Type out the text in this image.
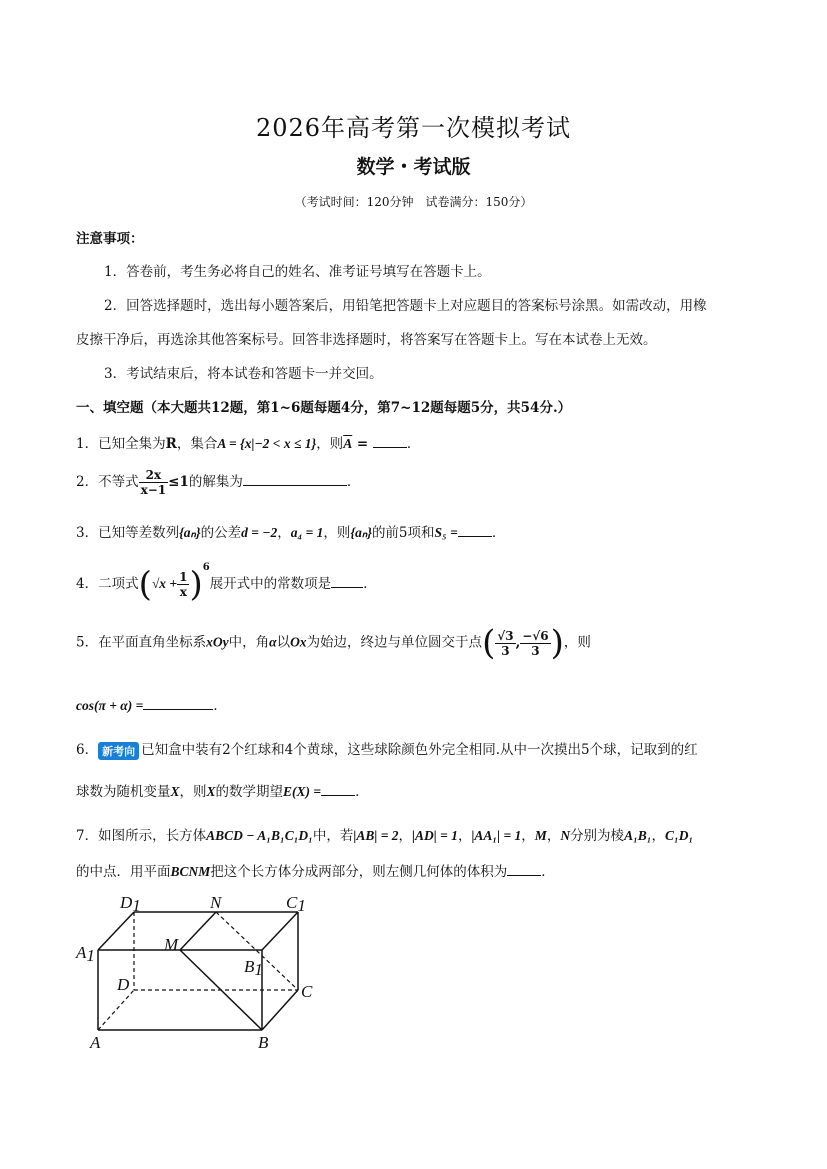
2026年高考第一次模拟考试
数学・考试版
（考试时间：120分钟　试卷满分：150分）
注意事项：
1．答卷前，考生务必将自己的姓名、准考证号填写在答题卡上。
2．回答选择题时，选出每小题答案后，用铅笔把答题卡上对应题目的答案标号涂黑。如需改动，用橡
皮擦干净后，再选涂其他答案标号。回答非选择题时，将答案写在答题卡上。写在本试卷上无效。
3．考试结束后，将本试卷和答题卡一并交回。
一、填空题（本大题共12题，第1~6题每题4分，第7~12题每题5分，共54分.）
1．已知全集为R，集合A = {x|−2 < x ≤ 1}，则$\overline{A}$ =	．
2．不等式 $\frac{2x}{x-1} \le 1$的解集为	．
3．已知等差数列{aₙ}的公差d = −2，a₄ = 1，则{aₙ}的前5项和S₅ =	．
4．二项式$(√x + \frac{1}{x} )^6$展开式中的常数项是 ．
5．在平面直角坐标系xOy中，角α以Ox为始边，终边与单位圆交于点( $\frac{√3}{3}$ , $\frac{-√6}{3}$ )，则
cos(π + α) =	．
6． 新考向 已知盒中装有2个红球和4个黄球，这些球除颜色外完全相同.从中一次摸出5个球，记取到的红
球数为随机变量X，则X的数学期望E(X) =	．
7．如图所示，长方体ABCD − A₁B₁C₁D₁中，若|AB| = 2，|AD| = 1，|AA₁| = 1，M，N分别为棱A₁B₁，C₁D₁
的中点．用平面BCNM把这个长方体分成两部分，则左侧几何体的体积为	．
D1	N	C1
A1
M
B1
D	C
A	B
